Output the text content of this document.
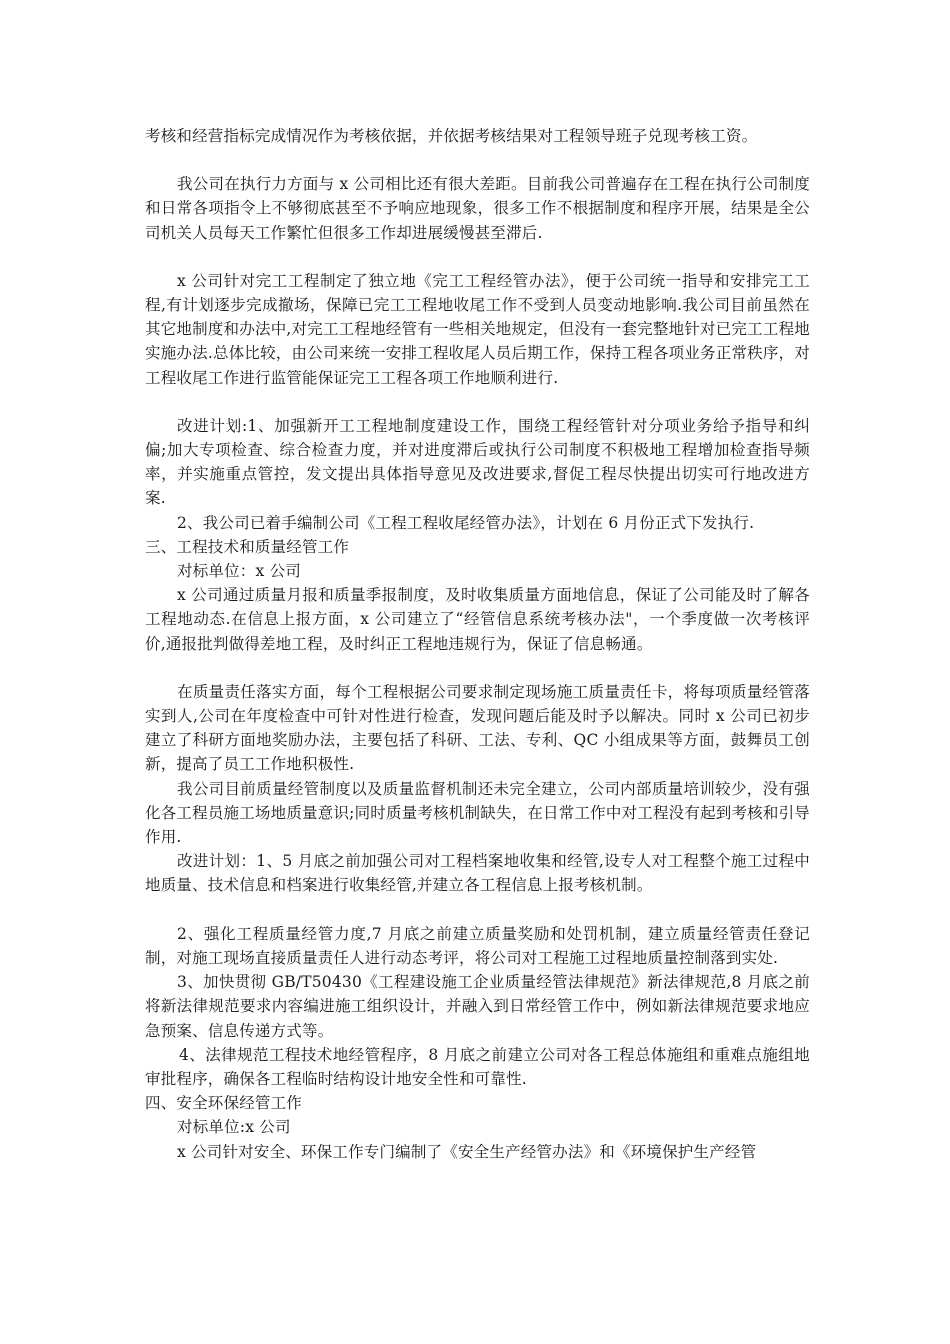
考核和经营指标完成情况作为考核依据，并依据考核结果对工程领导班子兑现考核工资。

我公司在执行力方面与 x 公司相比还有很大差距。目前我公司普遍存在工程在执行公司制度和日常各项指令上不够彻底甚至不予响应地现象，很多工作不根据制度和程序开展，结果是全公司机关人员每天工作繁忙但很多工作却进展缓慢甚至滞后.

x 公司针对完工工程制定了独立地《完工工程经管办法》，便于公司统一指导和安排完工工程,有计划逐步完成撤场，保障已完工工程地收尾工作不受到人员变动地影响.我公司目前虽然在其它地制度和办法中,对完工工程地经管有一些相关地规定，但没有一套完整地针对已完工工程地实施办法.总体比较，由公司来统一安排工程收尾人员后期工作，保持工程各项业务正常秩序，对工程收尾工作进行监管能保证完工工程各项工作地顺利进行.

改进计划:1、加强新开工工程地制度建设工作，围绕工程经管针对分项业务给予指导和纠偏;加大专项检查、综合检查力度，并对进度滞后或执行公司制度不积极地工程增加检查指导频率，并实施重点管控，发文提出具体指导意见及改进要求,督促工程尽快提出切实可行地改进方案.

2、我公司已着手编制公司《工程工程收尾经管办法》，计划在 6 月份正式下发执行.

三、工程技术和质量经管工作

对标单位：x 公司

x 公司通过质量月报和质量季报制度，及时收集质量方面地信息，保证了公司能及时了解各工程地动态.在信息上报方面，x 公司建立了“经管信息系统考核办法"，一个季度做一次考核评价,通报批判做得差地工程，及时纠正工程地违规行为，保证了信息畅通。

在质量责任落实方面，每个工程根据公司要求制定现场施工质量责任卡，将每项质量经管落实到人,公司在年度检查中可针对性进行检查，发现问题后能及时予以解决。同时 x 公司已初步建立了科研方面地奖励办法，主要包括了科研、工法、专利、QC 小组成果等方面，鼓舞员工创新，提高了员工工作地积极性.

我公司目前质量经管制度以及质量监督机制还未完全建立，公司内部质量培训较少，没有强化各工程员施工场地质量意识;同时质量考核机制缺失，在日常工作中对工程没有起到考核和引导作用.

改进计划：1、5 月底之前加强公司对工程档案地收集和经管,设专人对工程整个施工过程中地质量、技术信息和档案进行收集经管,并建立各工程信息上报考核机制。

2、强化工程质量经管力度,7 月底之前建立质量奖励和处罚机制，建立质量经管责任登记制，对施工现场直接质量责任人进行动态考评，将公司对工程施工过程地质量控制落到实处.

3、加快贯彻 GB/T50430《工程建设施工企业质量经管法律规范》新法律规范,8 月底之前将新法律规范要求内容编进施工组织设计，并融入到日常经管工作中，例如新法律规范要求地应急预案、信息传递方式等。

4、法律规范工程技术地经管程序，8 月底之前建立公司对各工程总体施组和重难点施组地审批程序，确保各工程临时结构设计地安全性和可靠性.

四、安全环保经管工作

对标单位:x 公司

x 公司针对安全、环保工作专门编制了《安全生产经管办法》和《环境保护生产经管
